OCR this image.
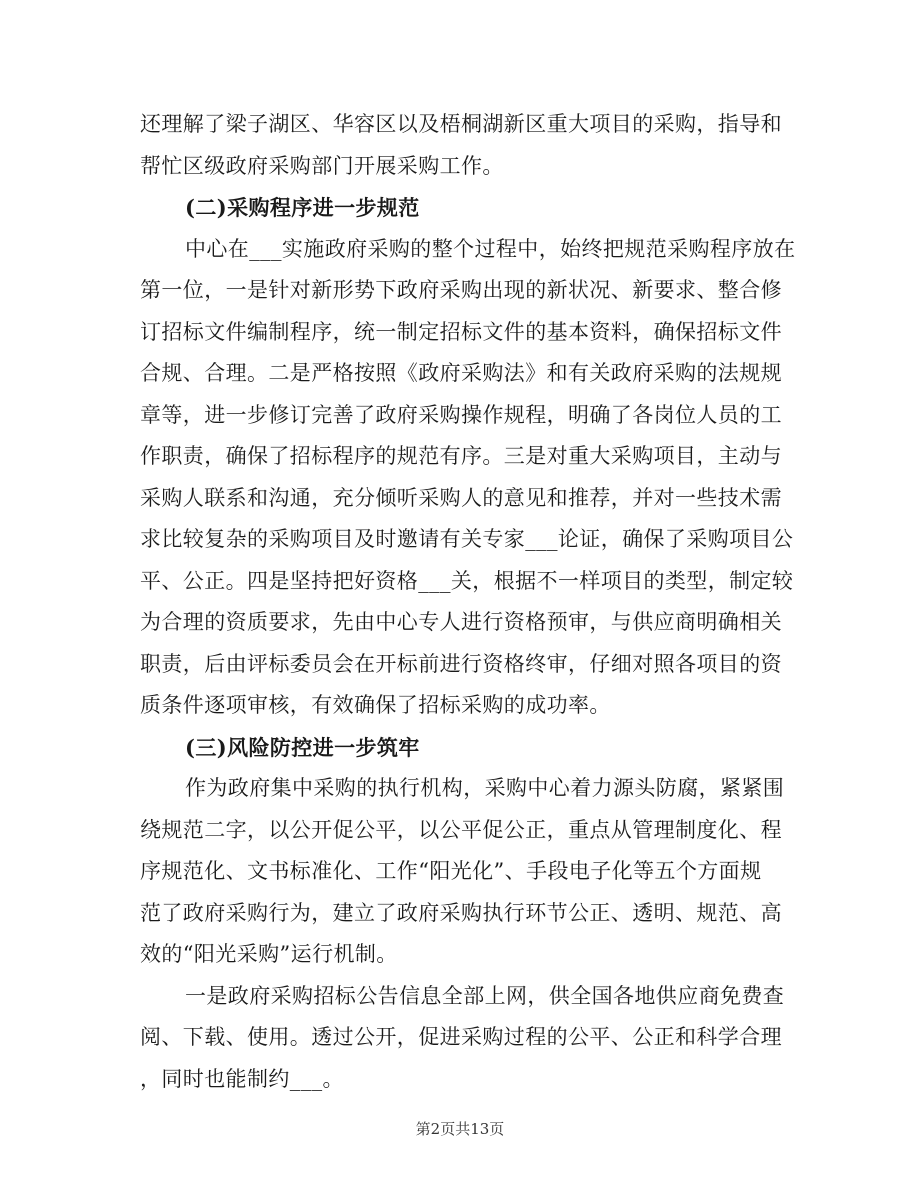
还理解了梁子湖区、华容区以及梧桐湖新区重大项目的采购，指导和
帮忙区级政府采购部门开展采购工作。
(二)采购程序进一步规范
中心在___实施政府采购的整个过程中，始终把规范采购程序放在
第一位，一是针对新形势下政府采购出现的新状况、新要求、整合修
订招标文件编制程序，统一制定招标文件的基本资料，确保招标文件
合规、合理。二是严格按照《政府采购法》和有关政府采购的法规规
章等，进一步修订完善了政府采购操作规程，明确了各岗位人员的工
作职责，确保了招标程序的规范有序。三是对重大采购项目，主动与
采购人联系和沟通，充分倾听采购人的意见和推荐，并对一些技术需
求比较复杂的采购项目及时邀请有关专家___论证，确保了采购项目公
平、公正。四是坚持把好资格___关，根据不一样项目的类型，制定较
为合理的资质要求，先由中心专人进行资格预审，与供应商明确相关
职责，后由评标委员会在开标前进行资格终审，仔细对照各项目的资
质条件逐项审核，有效确保了招标采购的成功率。
(三)风险防控进一步筑牢
作为政府集中采购的执行机构，采购中心着力源头防腐，紧紧围
绕规范二字，以公开促公平，以公平促公正，重点从管理制度化、程
序规范化、文书标准化、工作“阳光化”、手段电子化等五个方面规
范了政府采购行为，建立了政府采购执行环节公正、透明、规范、高
效的“阳光采购”运行机制。
一是政府采购招标公告信息全部上网，供全国各地供应商免费查
阅、下载、使用。透过公开，促进采购过程的公平、公正和科学合理
，同时也能制约___。
第2页共13页
